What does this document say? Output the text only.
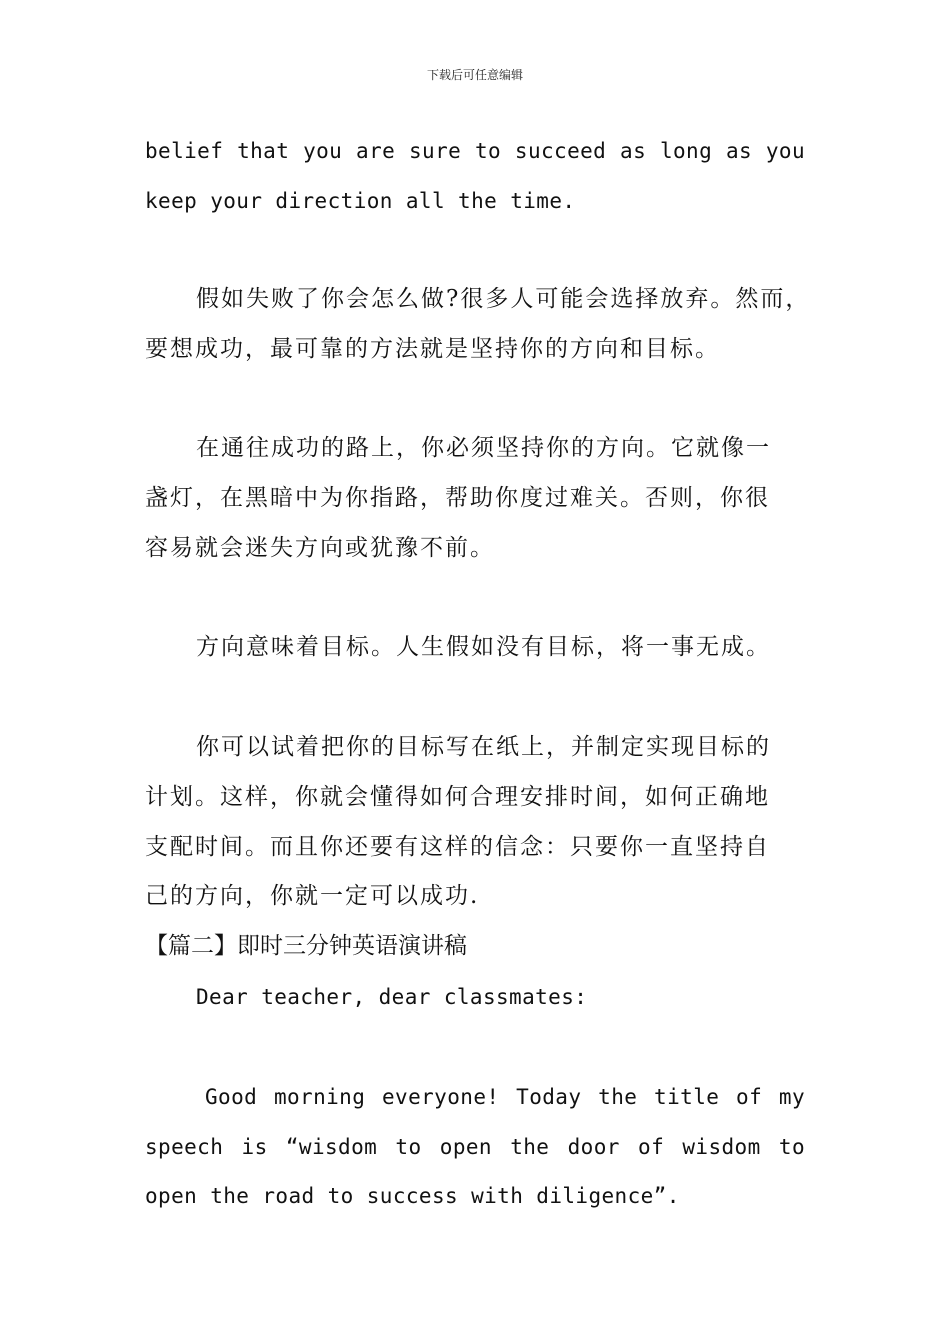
下载后可任意编辑
belief that you are sure to succeed as long as you
keep your direction all the time.
假如失败了你会怎么做?很多人可能会选择放弃。然而，
要想成功，最可靠的方法就是坚持你的方向和目标。
在通往成功的路上，你必须坚持你的方向。它就像一
盏灯，在黑暗中为你指路，帮助你度过难关。否则，你很
容易就会迷失方向或犹豫不前。
方向意味着目标。人生假如没有目标，将一事无成。
你可以试着把你的目标写在纸上，并制定实现目标的
计划。这样，你就会懂得如何合理安排时间，如何正确地
支配时间。而且你还要有这样的信念：只要你一直坚持自
己的方向，你就一定可以成功.
【篇二】即时三分钟英语演讲稿
Dear teacher, dear classmates:
Good morning everyone! Today the title of my
speech is “wisdom to open the door of wisdom to
open the road to success with diligence”.
